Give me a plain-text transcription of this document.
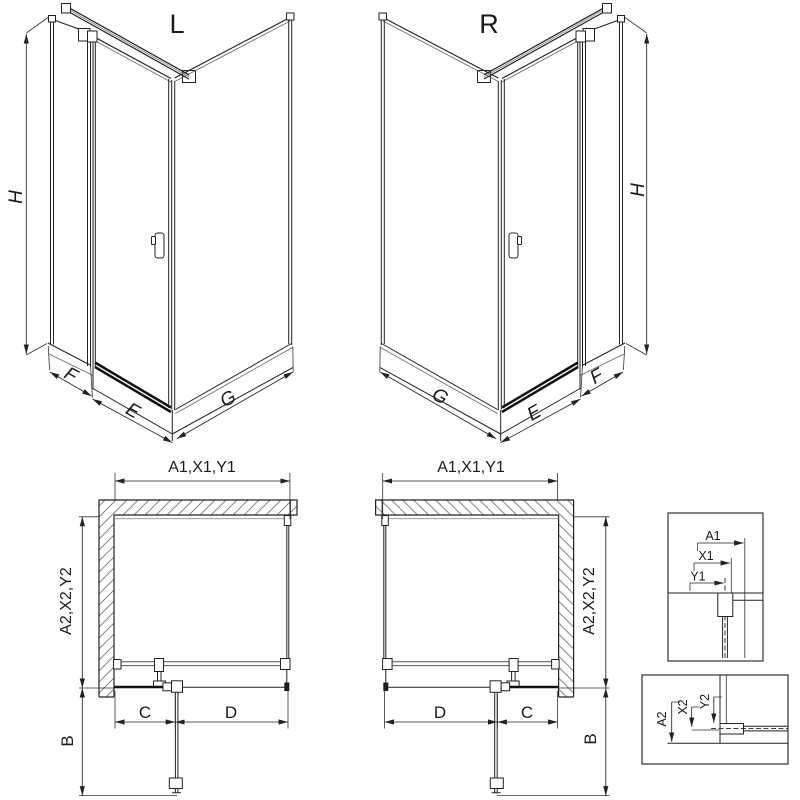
L	R
H
F
E	G
H
G
E
F
A1,X1,Y1
A2,X2,Y2
C	D
B
A1,X1,Y1
A2,X2,Y2
D	C
B
A1
X1
Y1
A2
X2 Y2
